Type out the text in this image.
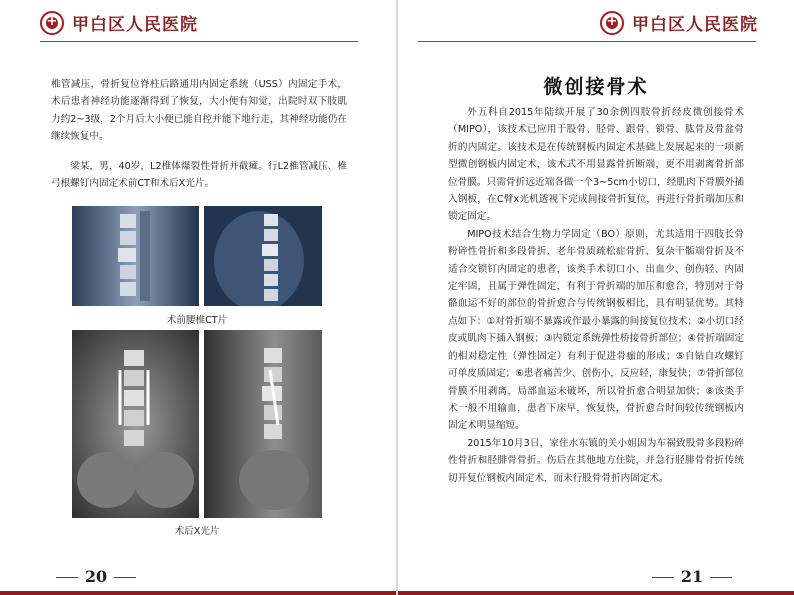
+
甲白区人民医院

椎管减压，骨折复位脊柱后路通用内固定系统（USS）内固定手术，术后患者神经功能逐渐得到了恢复，大小便有知觉，出院时双下肢肌力约2~3级，2个月后大小便已能自控并能下地行走，其神经功能仍在继续恢复中。

梁某，男，40岁，L2椎体爆裂性骨折并截瘫。行L2椎管减压、椎弓根螺钉内固定术前CT和术后X光片。

术前腰椎CT片
术后X光片
20
+
甲白区人民医院
微创接骨术

外五科自2015年陆续开展了30余例四肢骨折经皮微创接骨术（MIPO），该技术已应用于股骨、胫骨、跟骨、锁骨、肱骨及骨盆骨折的内固定。该技术是在传统钢板内固定术基础上发展起来的一项新型微创钢板内固定术，该术式不用显露骨折断端，更不用剥离骨折部位骨膜。只需骨折远近端各做一个3~5cm小切口，经肌肉下骨膜外插入钢板，在C臂x光机透视下完成间接骨折复位，再进行骨折端加压和锁定固定。

MIPO技术结合生物力学固定（BO）原则，尤其适用于四肢长骨粉碎性骨折和多段骨折、老年骨质疏松症骨折、复杂干骺端骨折及不适合交锁钉内固定的患者，该类手术切口小、出血少、创伤轻、内固定牢固，且属于弹性固定，有利于骨折端的加压和愈合，特别对于骨骼血运不好的部位的骨折愈合与传统钢板相比，具有明显优势。其特点如下：①对骨折端不暴露或作最小暴露的间接复位技术；②小切口经皮或肌肉下插入钢板；③内锁定系统弹性桥接骨折部位；④骨折端固定的相对稳定性（弹性固定）有利于促进骨痂的形成；⑤自钻自攻螺钉可单皮质固定；⑥患者痛苦少、创伤小，反应轻，康复快；⑦骨折部位骨膜不用剥离，局部血运未破坏，所以骨折愈合明显加快；⑧该类手术一般不用输血，患者下床早，恢复快，骨折愈合时间较传统钢板内固定术明显缩短。

2015年10月3日，家住水东镇的关小姐因为车祸致股骨多段粉碎性骨折和胫腓骨骨折。伤后在其他地方住院，并急行胫腓骨骨折传统切开复位钢板内固定术，而未行股骨骨折内固定术。

21
